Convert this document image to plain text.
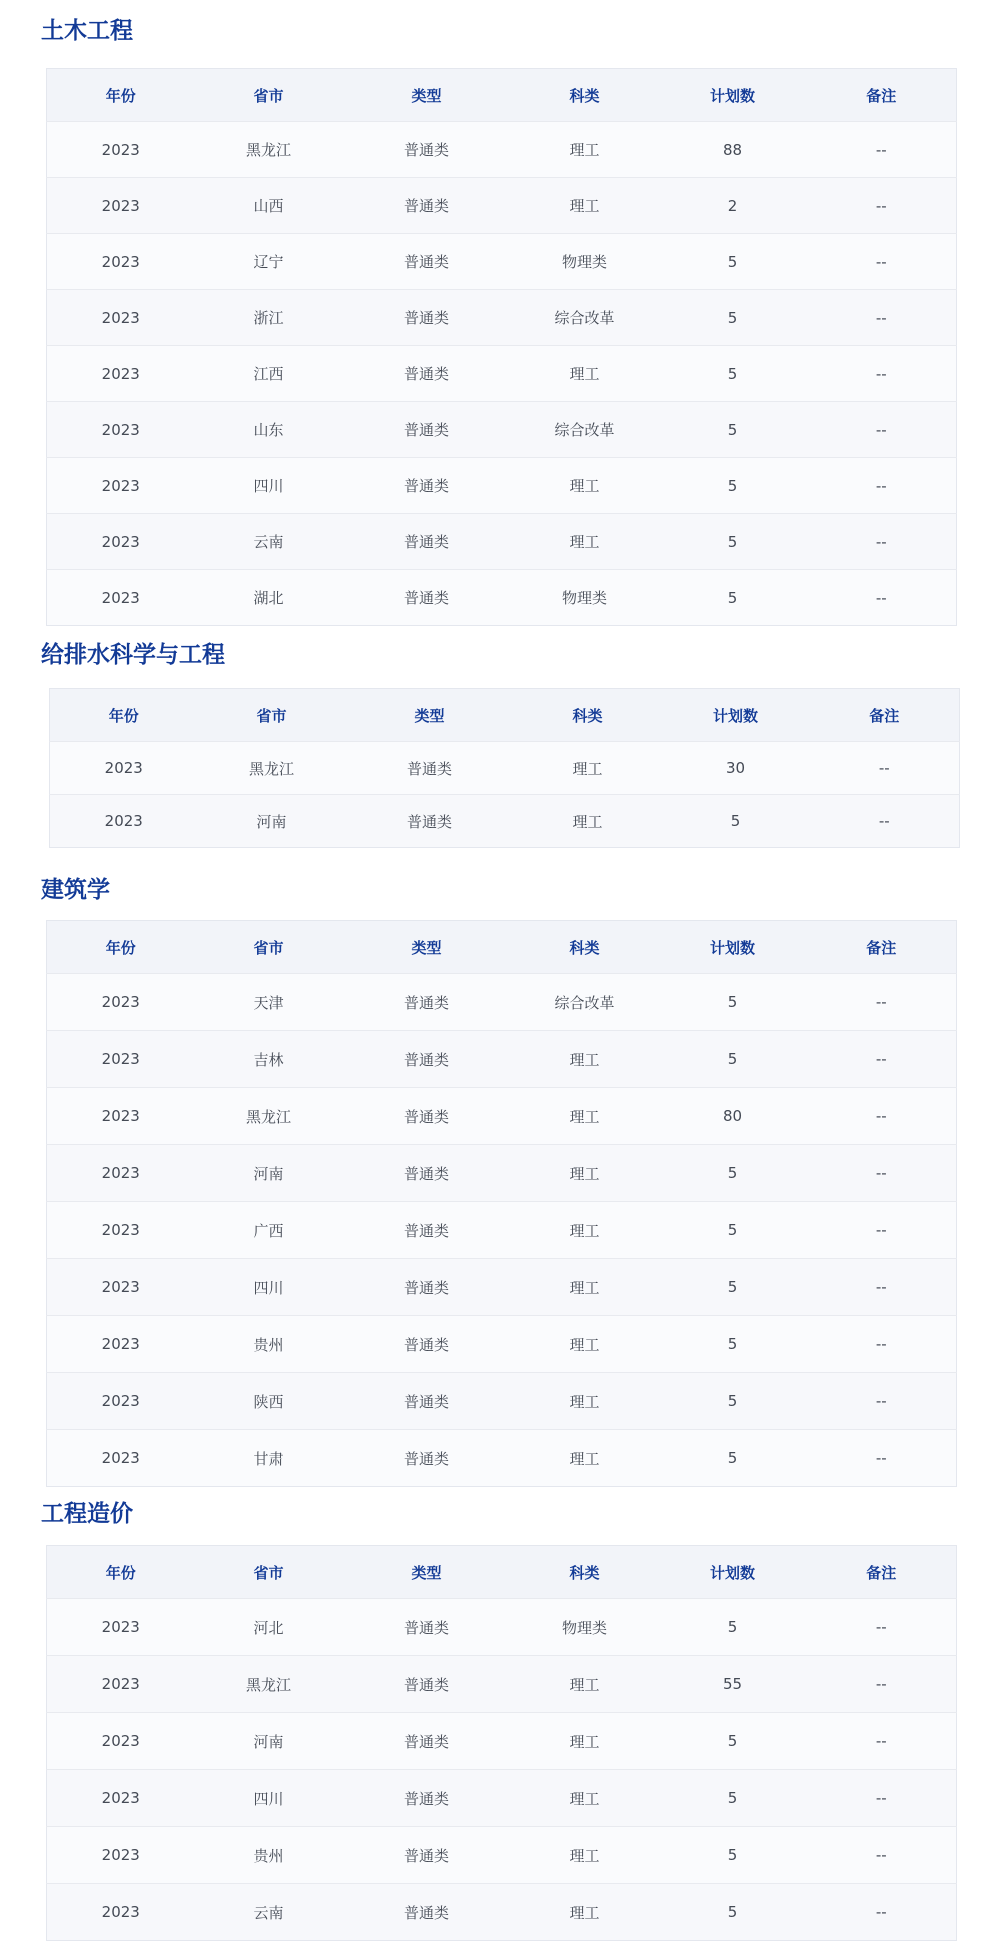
土木工程
年份	省市	类型	科类	计划数	备注
2023	黑龙江	普通类	理工	88	--
2023	山西	普通类	理工	2	--
2023	辽宁	普通类	物理类	5	--
2023	浙江	普通类	综合改革	5	--
2023	江西	普通类	理工	5	--
2023	山东	普通类	综合改革	5	--
2023	四川	普通类	理工	5	--
2023	云南	普通类	理工	5	--
2023	湖北	普通类	物理类	5	--
给排水科学与工程
年份	省市	类型	科类	计划数	备注
2023	黑龙江	普通类	理工	30	--
2023	河南	普通类	理工	5	--
建筑学
年份	省市	类型	科类	计划数	备注
2023	天津	普通类	综合改革	5	--
2023	吉林	普通类	理工	5	--
2023	黑龙江	普通类	理工	80	--
2023	河南	普通类	理工	5	--
2023	广西	普通类	理工	5	--
2023	四川	普通类	理工	5	--
2023	贵州	普通类	理工	5	--
2023	陕西	普通类	理工	5	--
2023	甘肃	普通类	理工	5	--
工程造价
年份	省市	类型	科类	计划数	备注
2023	河北	普通类	物理类	5	--
2023	黑龙江	普通类	理工	55	--
2023	河南	普通类	理工	5	--
2023	四川	普通类	理工	5	--
2023	贵州	普通类	理工	5	--
2023	云南	普通类	理工	5	--
